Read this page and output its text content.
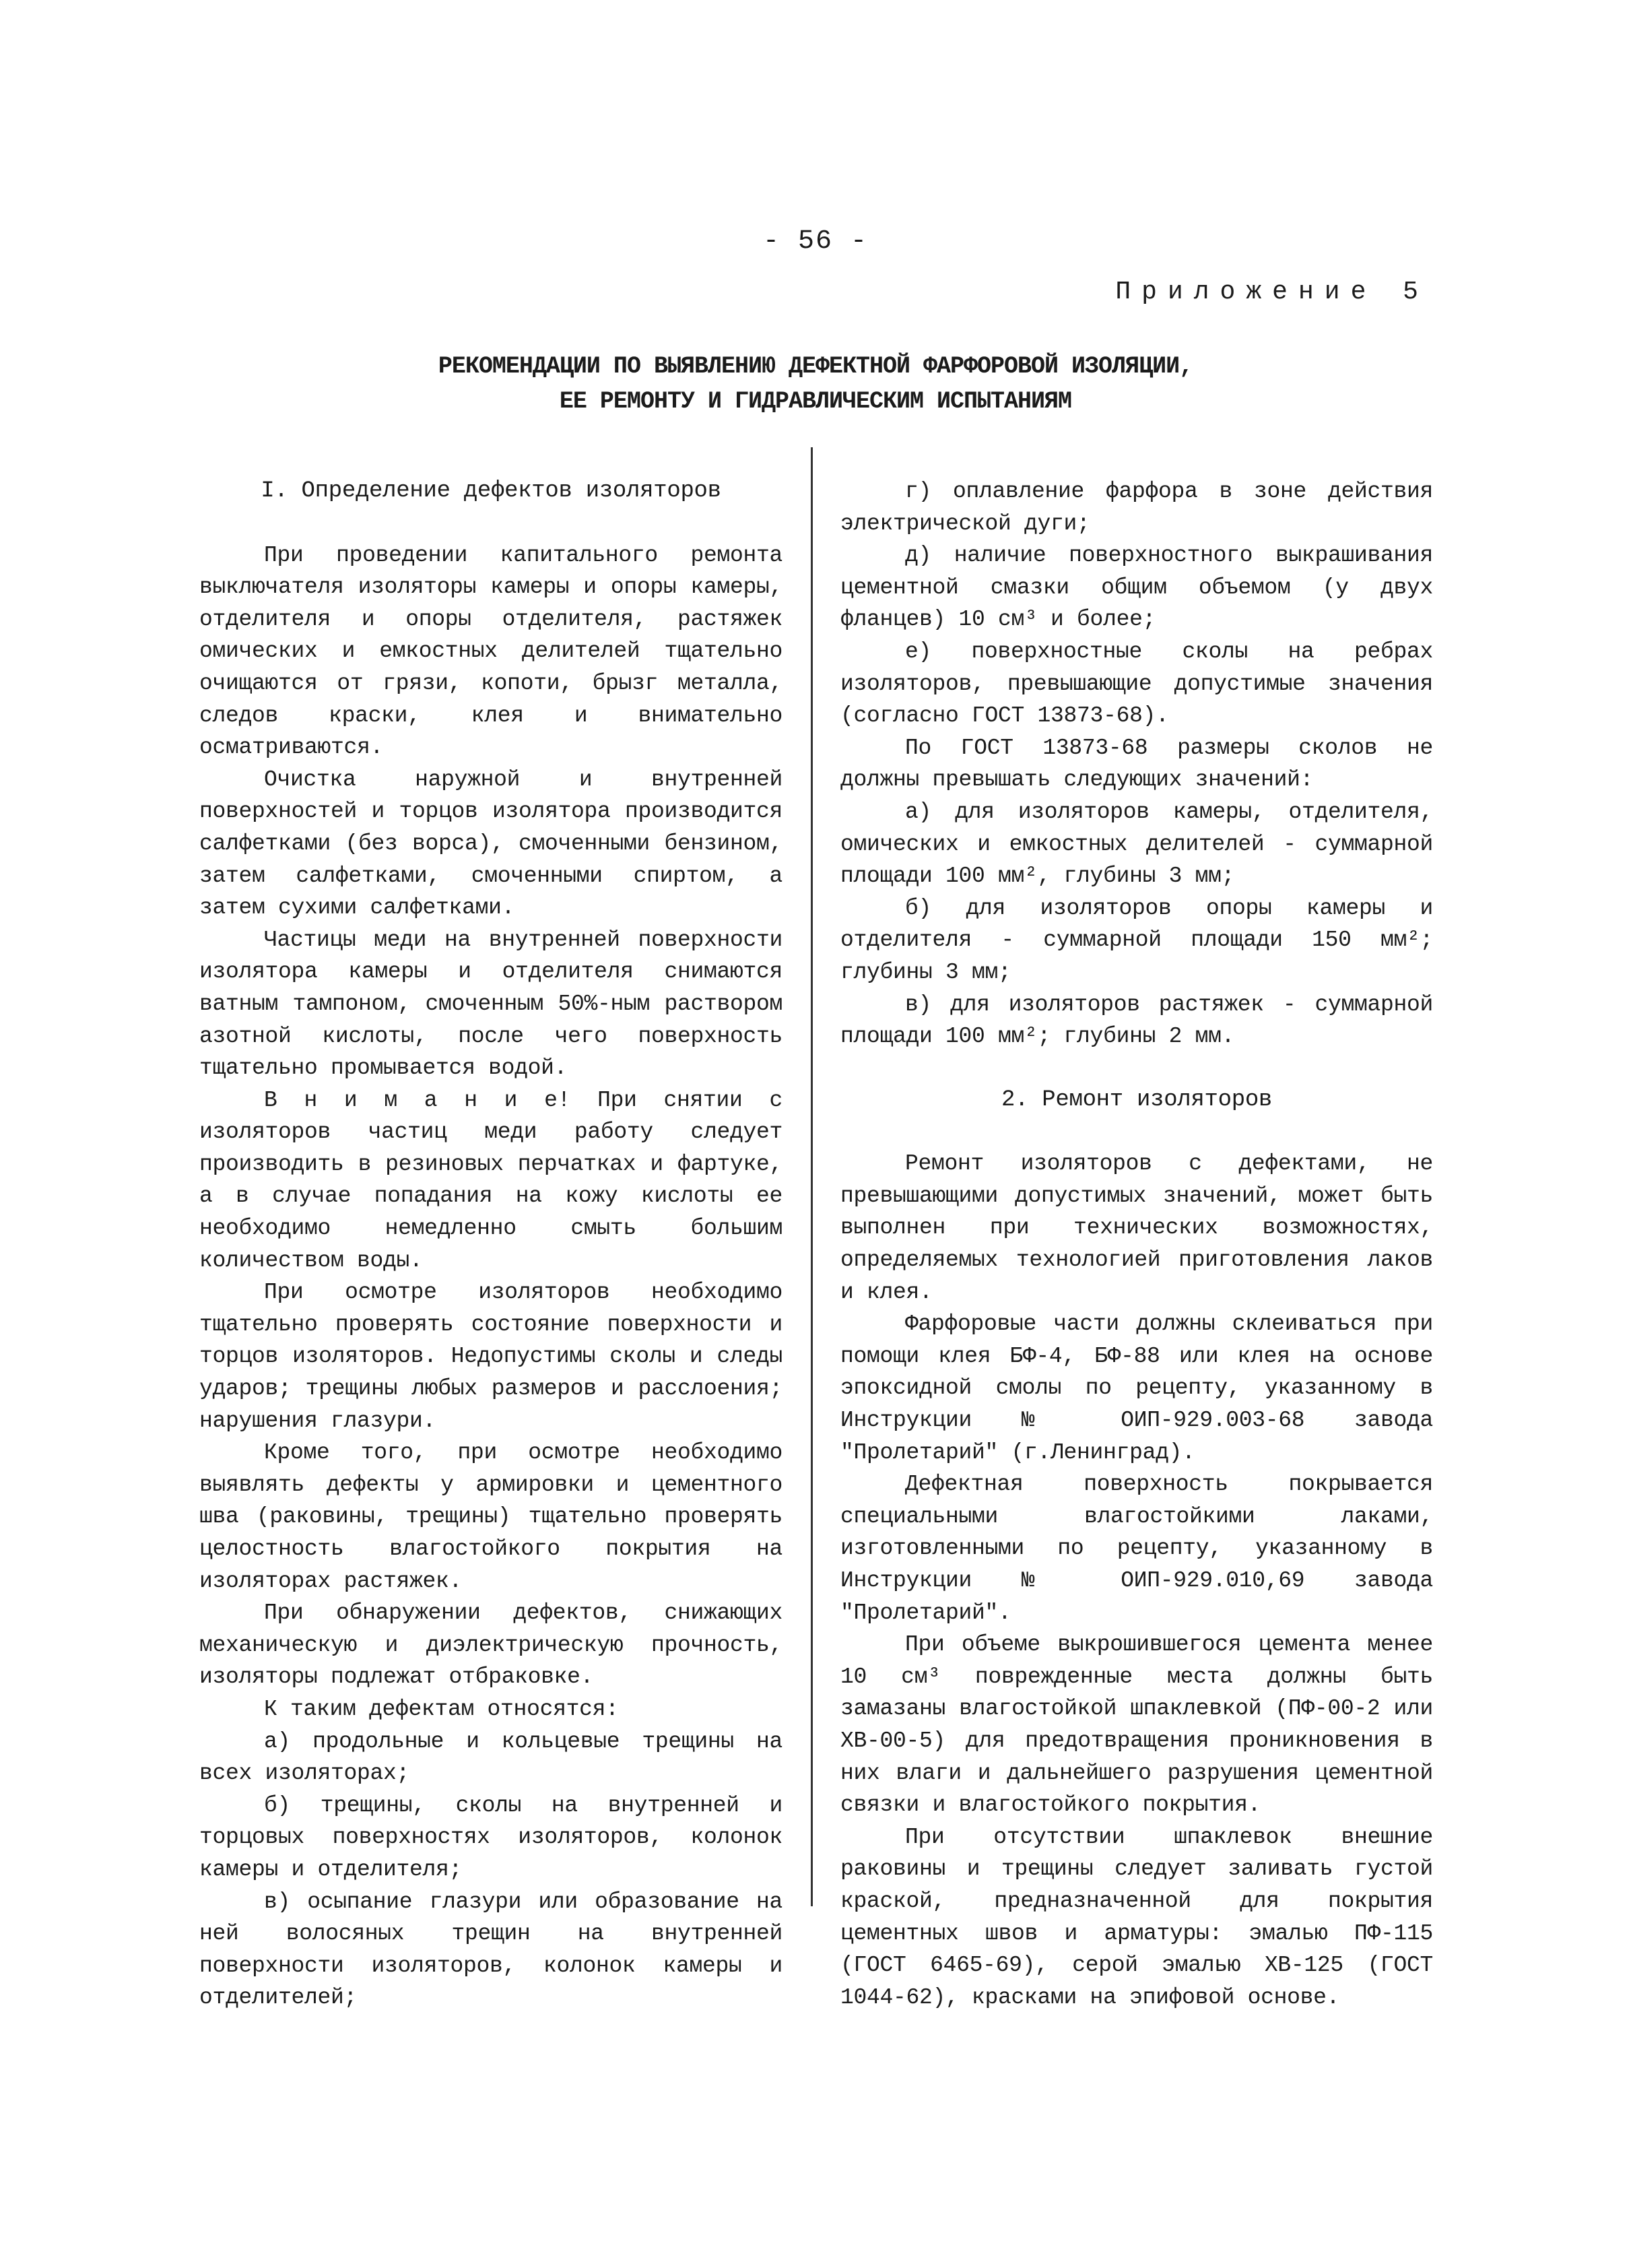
- 56 -
Приложение 5
РЕКОМЕНДАЦИИ ПО ВЫЯВЛЕНИЮ ДЕФЕКТНОЙ ФАРФОРОВОЙ ИЗОЛЯЦИИ,
ЕЕ РЕМОНТУ И ГИДРАВЛИЧЕСКИМ ИСПЫТАНИЯМ
I. Определение дефектов изоляторов

При проведении капитального ремонта выключателя изоляторы камеры и опоры камеры, отделителя и опоры отделителя, растяжек омических и емкостных делителей тщательно очищаются от грязи, копоти, брызг металла, следов краски, клея и внимательно осматриваются.

Очистка наружной и внутренней поверхностей и торцов изолятора производится салфетками (без ворса), смоченными бензином, затем салфетками, смоченными спиртом, а затем сухими салфетками.

Частицы меди на внутренней поверхности изолятора камеры и отделителя снимаются ватным тампоном, смоченным 50%-ным раствором азотной кислоты, после чего поверхность тщательно промывается водой.

В н и м а н и е! При снятии с изоляторов частиц меди работу следует производить в резиновых перчатках и фартуке, а в случае попадания на кожу кислоты ее необходимо немедленно смыть большим количеством воды.

При осмотре изоляторов необходимо тщательно проверять состояние поверхности и торцов изоляторов. Недопустимы сколы и следы ударов; трещины любых размеров и расслоения; нарушения глазури.

Кроме того, при осмотре необходимо выявлять дефекты у армировки и цементного шва (раковины, трещины) тщательно проверять целостность влагостойкого покрытия на изоляторах растяжек.

При обнаружении дефектов, снижающих механическую и диэлектрическую прочность, изоляторы подлежат отбраковке.

К таким дефектам относятся:

а) продольные и кольцевые трещины на всех изоляторах;

б) трещины, сколы на внутренней и торцовых поверхностях изоляторов, колонок камеры и отделителя;

в) осыпание глазури или образование на ней волосяных трещин на внутренней поверхности изоляторов, колонок камеры и отделителей;

г) оплавление фарфора в зоне действия электрической дуги;

д) наличие поверхностного выкрашивания цементной смазки общим объемом (у двух фланцев) 10 см³ и более;

е) поверхностные сколы на ребрах изоляторов, превышающие допустимые значения (согласно ГОСТ 13873-68).

По ГОСТ 13873-68 размеры сколов не должны превышать следующих значений:

а) для изоляторов камеры, отделителя, омических и емкостных делителей - суммарной площади 100 мм², глубины 3 мм;

б) для изоляторов опоры камеры и отделителя - суммарной площади 150 мм²; глубины 3 мм;

в) для изоляторов растяжек - суммарной площади 100 мм²; глубины 2 мм.

2. Ремонт изоляторов

Ремонт изоляторов с дефектами, не превышающими допустимых значений, может быть выполнен при технических возможностях, определяемых технологией приготовления лаков и клея.

Фарфоровые части должны склеиваться при помощи клея БФ-4, БФ-88 или клея на основе эпоксидной смолы по рецепту, указанному в Инструкции № ОИП-929.003-68 завода "Пролетарий" (г.Ленинград).

Дефектная поверхность покрывается специальными влагостойкими лаками, изготовленными по рецепту, указанному в Инструкции № ОИП-929.010,69 завода "Пролетарий".

При объеме выкрошившегося цемента менее 10 см³ поврежденные места должны быть замазаны влагостойкой шпаклевкой (ПФ-00-2 или ХВ-00-5) для предотвращения проникновения в них влаги и дальнейшего разрушения цементной связки и влагостойкого покрытия.

При отсутствии шпаклевок внешние раковины и трещины следует заливать густой краской, предназначенной для покрытия цементных швов и арматуры: эмалью ПФ-115 (ГОСТ 6465-69), серой эмалью ХВ-125 (ГОСТ 1044-62), красками на эпифовой основе.
